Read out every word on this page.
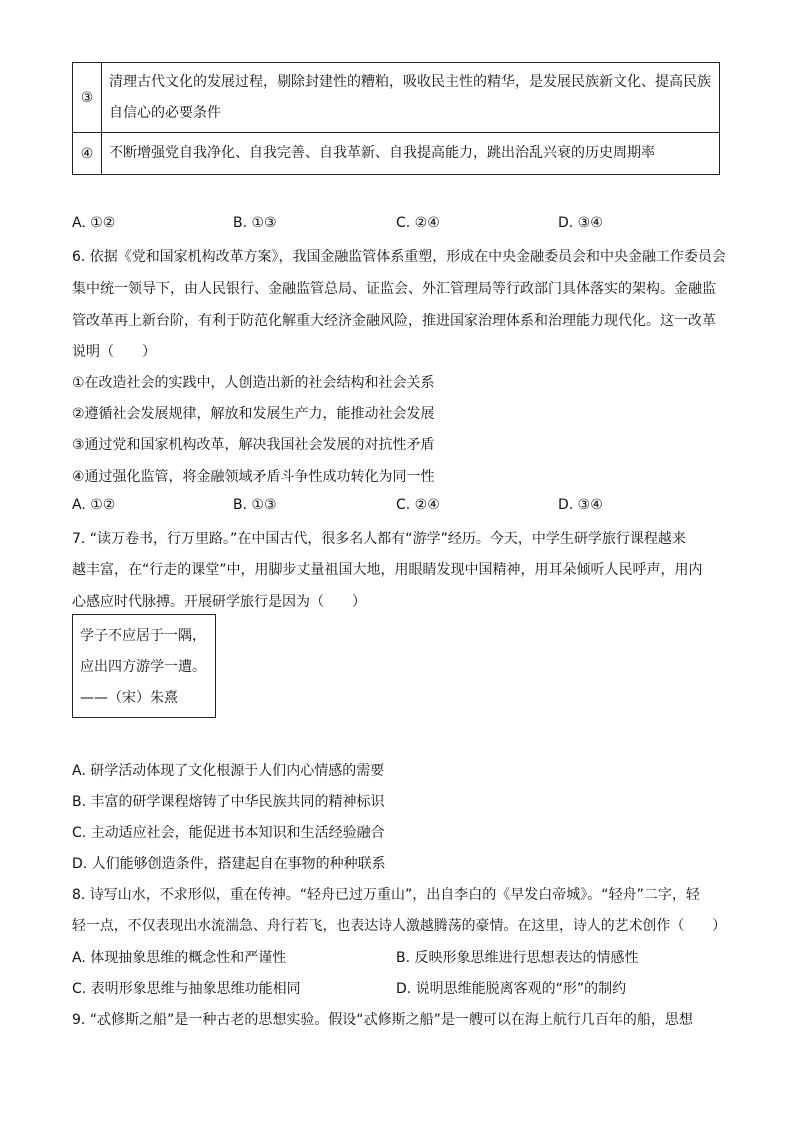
③	清理古代文化的发展过程，剔除封建性的糟粕，吸收民主性的精华，是发展民族新文化、提高民族
自信心的必要条件

④	不断增强党自我净化、自我完善、自我革新、自我提高能力，跳出治乱兴衰的历史周期率
A. ①②	B. ①③	C. ②④	D. ③④
6. 依据《党和国家机构改革方案》，我国金融监管体系重塑，形成在中央金融委员会和中央金融工作委员会
集中统一领导下，由人民银行、金融监管总局、证监会、外汇管理局等行政部门具体落实的架构。金融监
管改革再上新台阶，有利于防范化解重大经济金融风险，推进国家治理体系和治理能力现代化。这一改革
说明（　　）
①在改造社会的实践中，人创造出新的社会结构和社会关系
②遵循社会发展规律，解放和发展生产力，能推动社会发展
③通过党和国家机构改革，解决我国社会发展的对抗性矛盾
④通过强化监管，将金融领域矛盾斗争性成功转化为同一性
A. ①②	B. ①③	C. ②④	D. ③④
7. “读万卷书，行万里路。”在中国古代，很多名人都有“游学”经历。今天，中学生研学旅行课程越来
越丰富，在“行走的课堂”中，用脚步丈量祖国大地，用眼睛发现中国精神，用耳朵倾听人民呼声，用内
心感应时代脉搏。开展研学旅行是因为（　　）
学子不应居于一隅，
应出四方游学一遭。
——（宋）朱熹
A. 研学活动体现了文化根源于人们内心情感的需要
B. 丰富的研学课程熔铸了中华民族共同的精神标识
C. 主动适应社会，能促进书本知识和生活经验融合
D. 人们能够创造条件，搭建起自在事物的种种联系
8. 诗写山水，不求形似，重在传神。“轻舟已过万重山”，出自李白的《早发白帝城》。“轻舟”二字，轻
轻一点，不仅表现出水流湍急、舟行若飞，也表达诗人激越腾荡的豪情。在这里，诗人的艺术创作（　　）
A. 体现抽象思维的概念性和严谨性	B. 反映形象思维进行思想表达的情感性
C. 表明形象思维与抽象思维功能相同	D. 说明思维能脱离客观的“形”的制约
9. “忒修斯之船”是一种古老的思想实验。假设“忒修斯之船”是一艘可以在海上航行几百年的船，思想
